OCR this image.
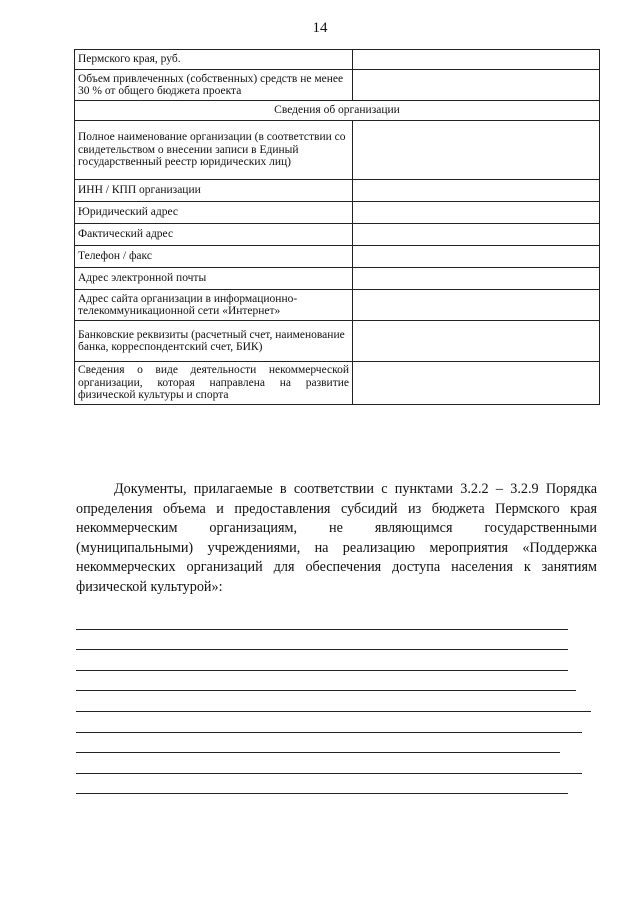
14
Пермского края, руб.	
Объем привлеченных (собственных) средств не менее 30 % от общего бюджета проекта	
Сведения об организации	
Полное наименование организации (в соответствии со свидетельством о внесении записи в Единый государственный реестр юридических лиц)	
ИНН / КПП организации	
Юридический адрес	
Фактический адрес	
Телефон / факс	
Адрес электронной почты	
Адрес сайта организации в информационно-телекоммуникационной сети «Интернет»	
Банковские реквизиты (расчетный счет, наименование банка, корреспондентский счет, БИК)	
Сведения о виде деятельности некоммерческой организации, которая направлена на развитие физической культуры и спорта	
Документы, прилагаемые в соответствии с пунктами 3.2.2 – 3.2.9 Порядка определения объема и предоставления субсидий из бюджета Пермского края некоммерческим организациям, не являющимся государственными (муниципальными) учреждениями, на реализацию мероприятия «Поддержка некоммерческих организаций для обеспечения доступа населения к занятиям физической культурой»:
